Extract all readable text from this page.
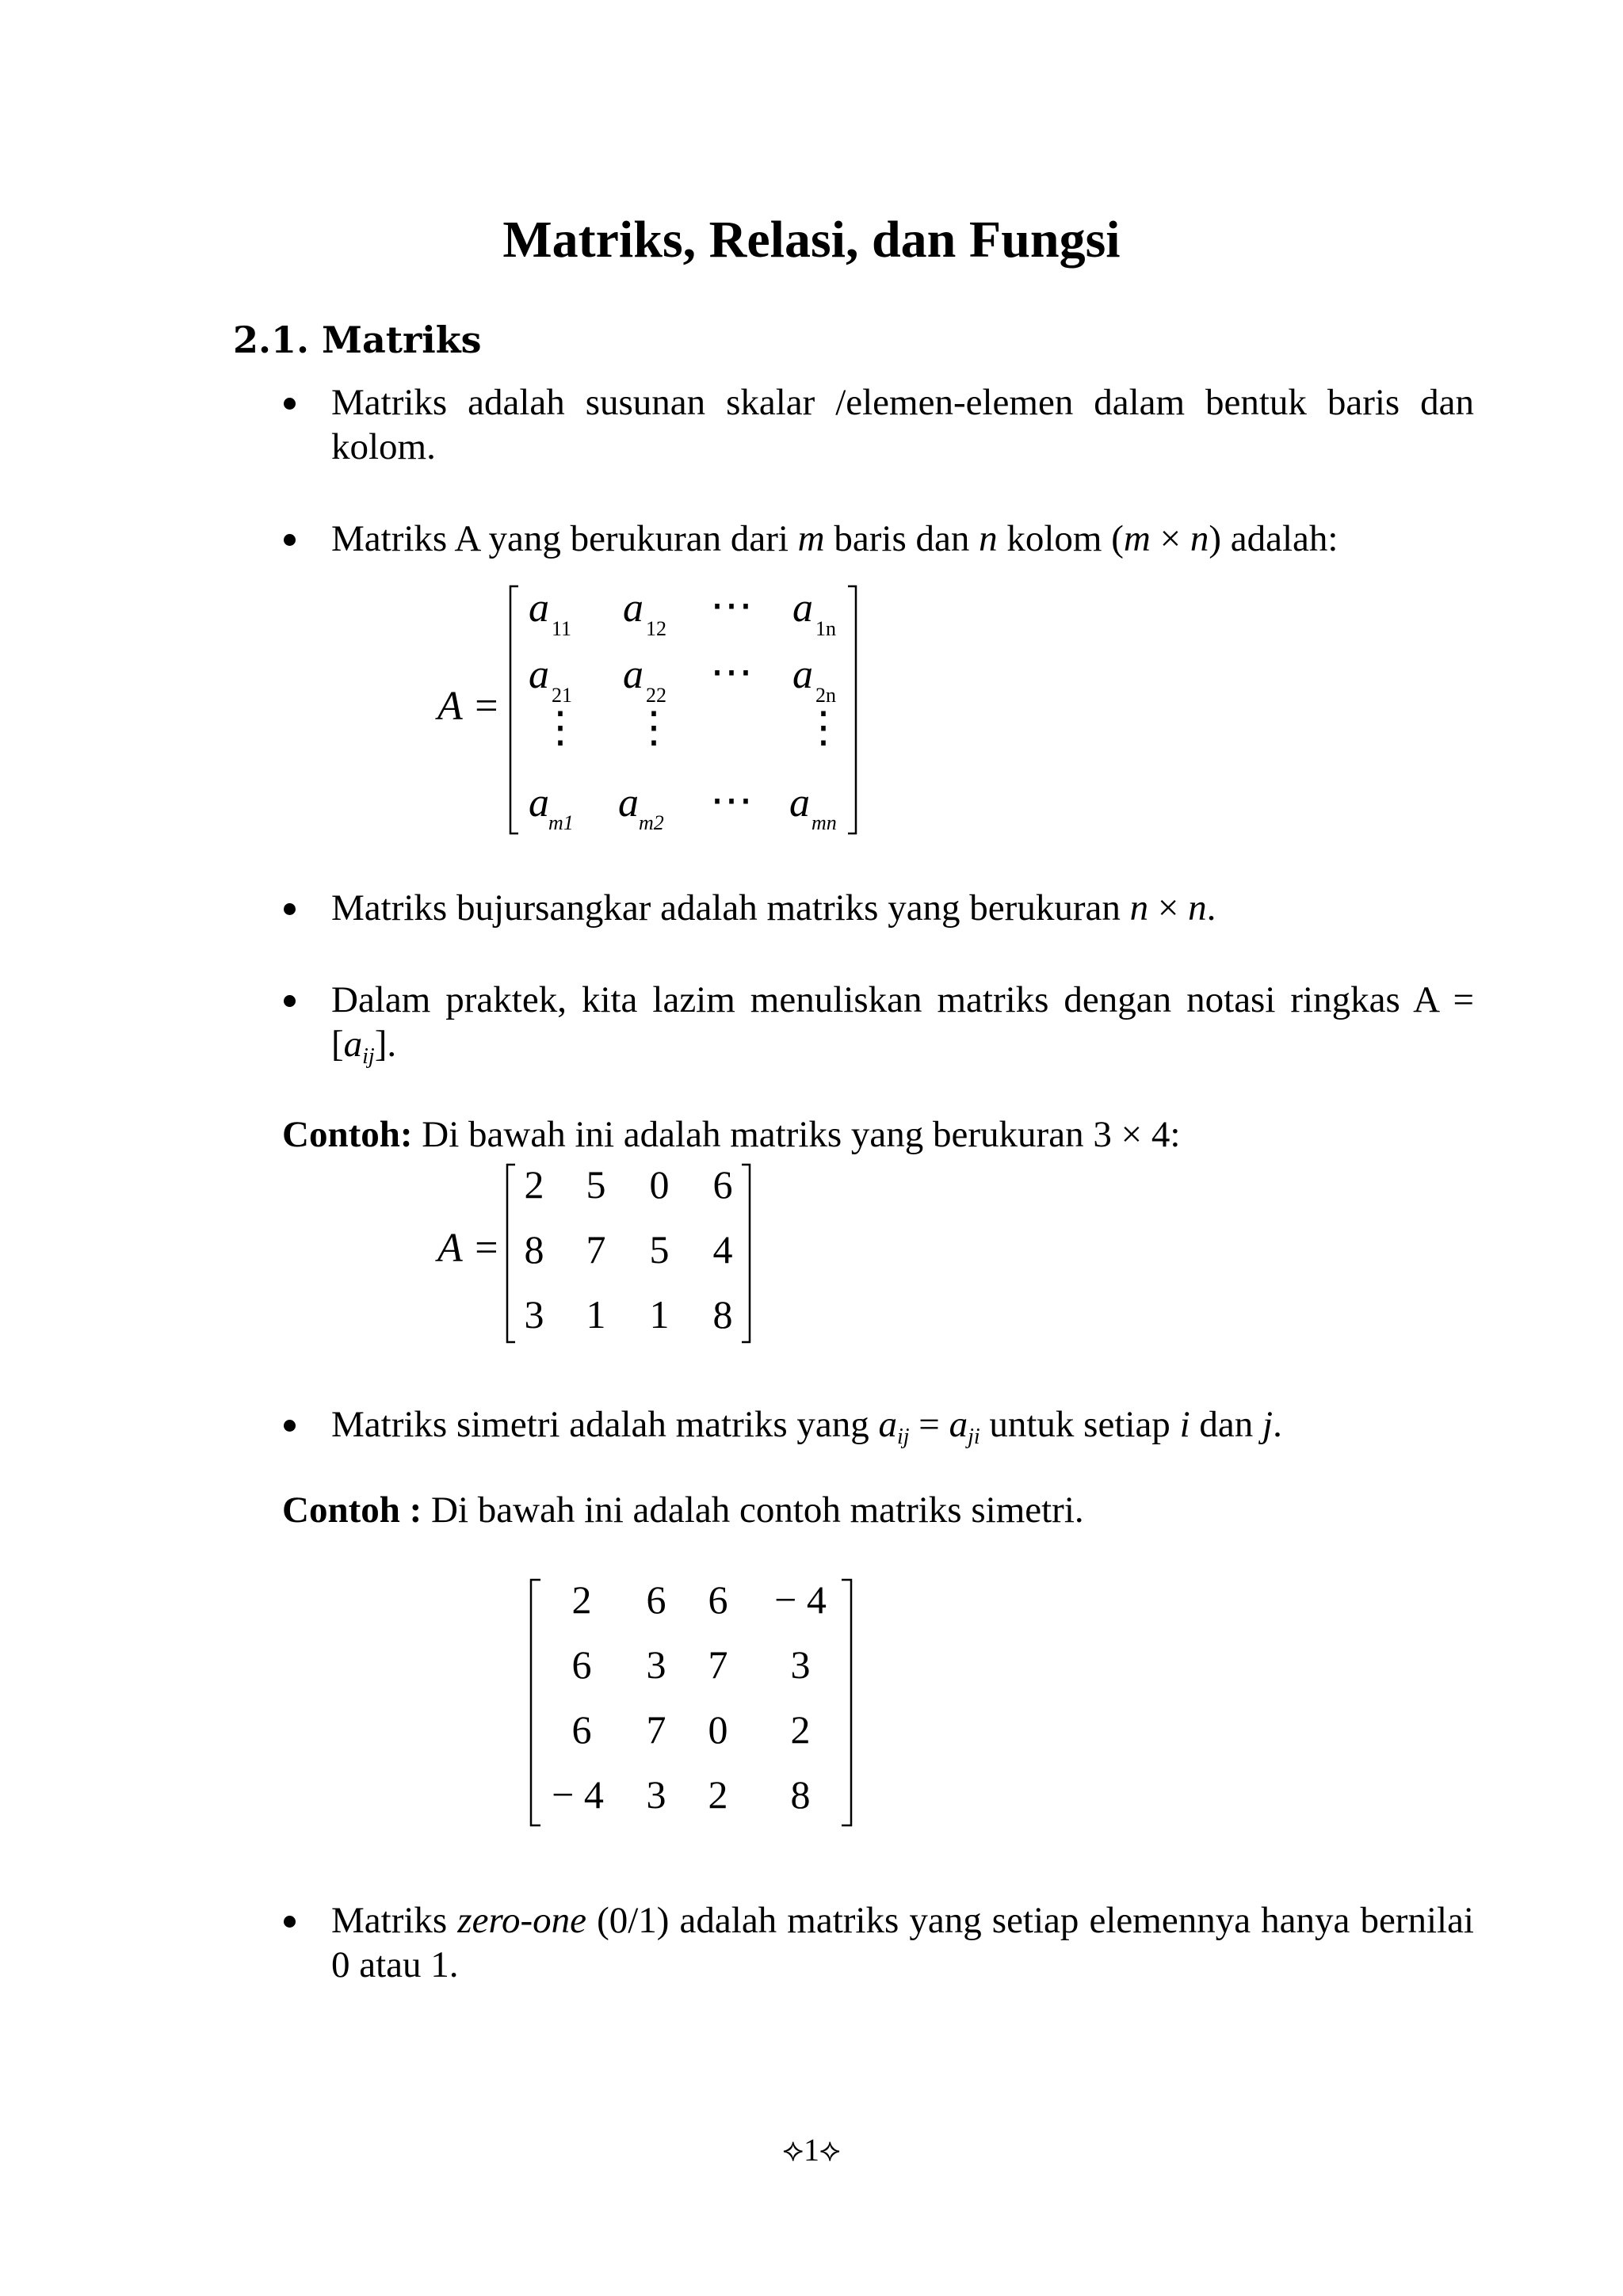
Matriks, Relasi, dan Fungsi
2.1. Matriks
Matriks adalah susunan skalar /elemen-elemen dalam bentuk baris dan kolom.
Matriks A yang berukuran dari m baris dan n kolom (m × n) adalah:
A =
a 11 a 12 ⋯ a 1n
a 21 a 22 ⋯ a 2n
⋮ ⋮	⋮
a m1 a m2 ⋯ a mn
Matriks bujursangkar adalah matriks yang berukuran n × n.
Dalam praktek, kita lazim menuliskan matriks dengan notasi ringkas $A = [a_{ij}]$.
Contoh: Di bawah ini adalah matriks yang berukuran 3 × 4:
A =
2 5 0 6
8 7 5 4
3 1 1 8
Matriks simetri adalah matriks yang $a_{ij} = a_{ji}$ untuk setiap i dan j.
Contoh : Di bawah ini adalah contoh matriks simetri.
2	6 6	− 4
6	3 7	3
6	7 0	2
− 4	3 2	8
Matriks zero-one (0/1) adalah matriks yang setiap elemennya hanya bernilai 0 atau 1.
⟡1⟡
